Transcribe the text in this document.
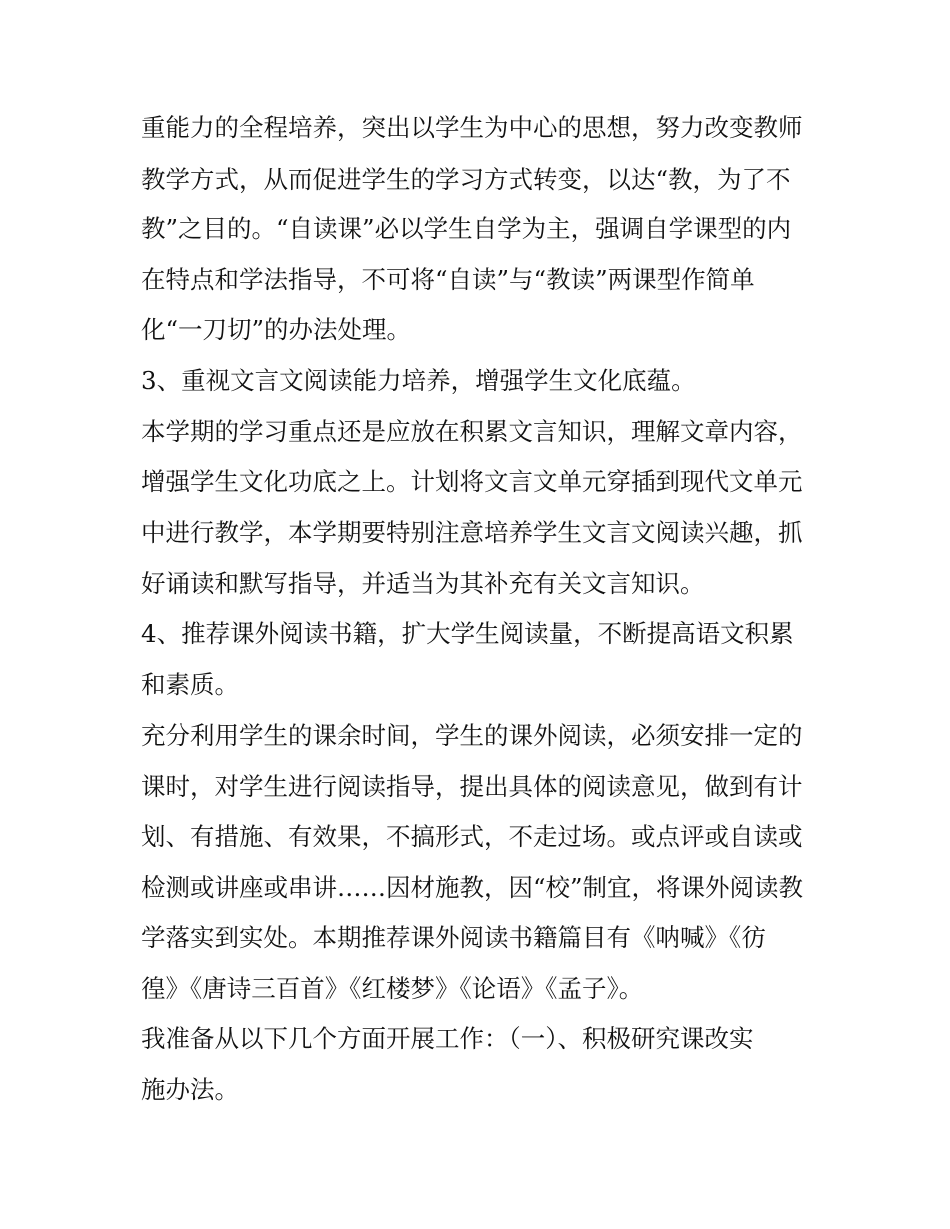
重能力的全程培养，突出以学生为中心的思想，努力改变教师
教学方式，从而促进学生的学习方式转变，以达“教，为了不
教”之目的。“自读课”必以学生自学为主，强调自学课型的内
在特点和学法指导，不可将“自读”与“教读”两课型作简单
化“一刀切”的办法处理。
3、重视文言文阅读能力培养，增强学生文化底蕴。
本学期的学习重点还是应放在积累文言知识，理解文章内容，
增强学生文化功底之上。计划将文言文单元穿插到现代文单元
中进行教学，本学期要特别注意培养学生文言文阅读兴趣，抓
好诵读和默写指导，并适当为其补充有关文言知识。
4、推荐课外阅读书籍，扩大学生阅读量，不断提高语文积累
和素质。
充分利用学生的课余时间，学生的课外阅读，必须安排一定的
课时，对学生进行阅读指导，提出具体的阅读意见，做到有计
划、有措施、有效果，不搞形式，不走过场。或点评或自读或
检测或讲座或串讲……因材施教，因“校”制宜，将课外阅读教
学落实到实处。本期推荐课外阅读书籍篇目有《呐喊》《彷
徨》《唐诗三百首》《红楼梦》《论语》《孟子》。
我准备从以下几个方面开展工作：（一）、积极研究课改实
施办法。
